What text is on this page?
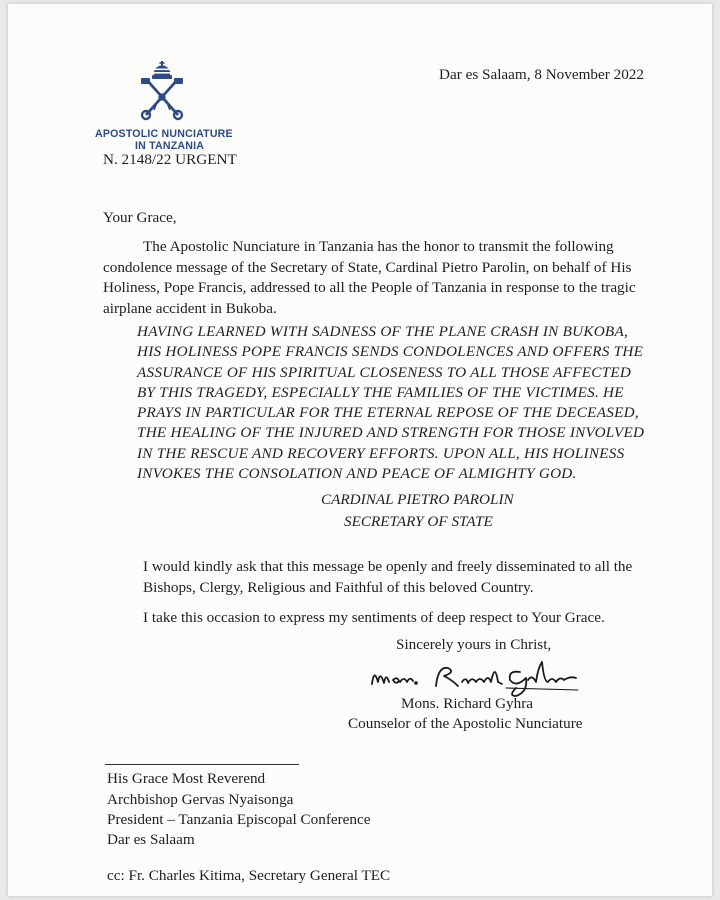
Dar es Salaam, 8 November 2022
APOSTOLIC NUNCIATURE
IN TANZANIA
N. 2148/22 URGENT
Your Grace,
The Apostolic Nunciature in Tanzania has the honor to transmit the following
condolence message of the Secretary of State, Cardinal Pietro Parolin, on behalf of His
Holiness, Pope Francis, addressed to all the People of Tanzania in response to the tragic
airplane accident in Bukoba.
HAVING LEARNED WITH SADNESS OF THE PLANE CRASH IN BUKOBA,
HIS HOLINESS POPE FRANCIS SENDS CONDOLENCES AND OFFERS THE
ASSURANCE OF HIS SPIRITUAL CLOSENESS TO ALL THOSE AFFECTED
BY THIS TRAGEDY, ESPECIALLY THE FAMILIES OF THE VICTIMES. HE
PRAYS IN PARTICULAR FOR THE ETERNAL REPOSE OF THE DECEASED,
THE HEALING OF THE INJURED AND STRENGTH FOR THOSE INVOLVED
IN THE RESCUE AND RECOVERY EFFORTS. UPON ALL, HIS HOLINESS
INVOKES THE CONSOLATION AND PEACE OF ALMIGHTY GOD.
CARDINAL PIETRO PAROLIN
SECRETARY OF STATE
I would kindly ask that this message be openly and freely disseminated to all the Bishops, Clergy, Religious and Faithful of this beloved Country.
I take this occasion to express my sentiments of deep respect to Your Grace.
Sincerely yours in Christ,
Mons. Richard Gyhra
Counselor of the Apostolic Nunciature
His Grace Most Reverend
Archbishop Gervas Nyaisonga
President – Tanzania Episcopal Conference
Dar es Salaam
cc: Fr. Charles Kitima, Secretary General TEC
